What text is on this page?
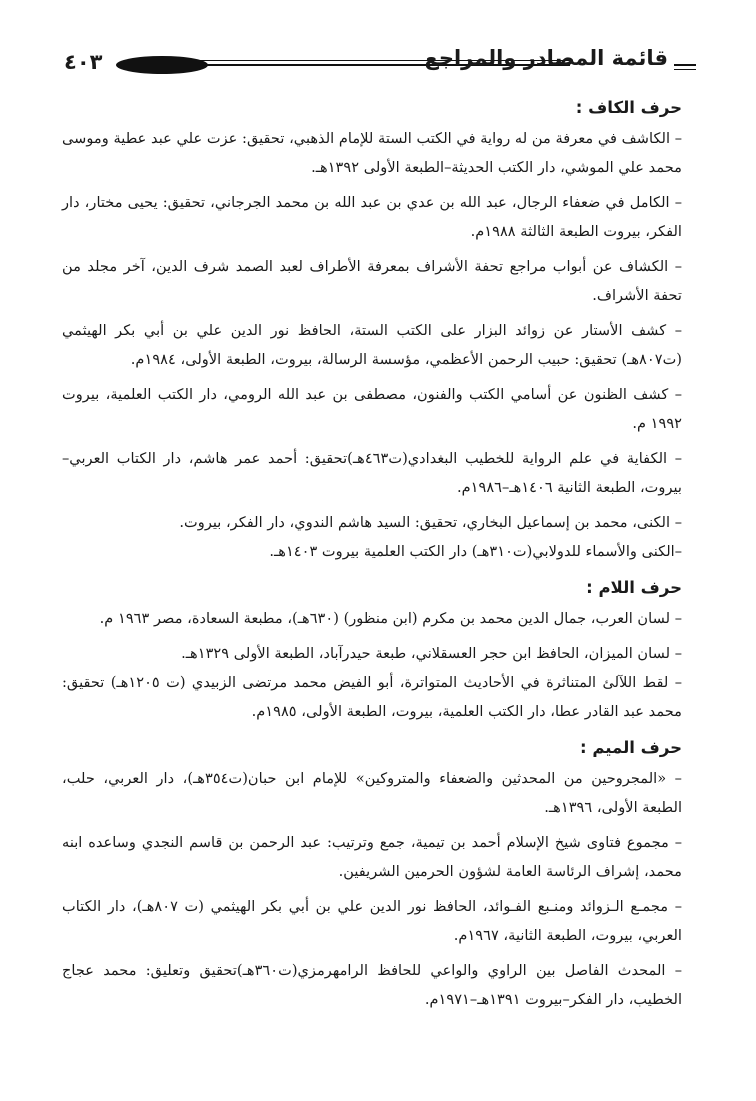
٤٠٣	قائمة المصادر والمراجع
حرف الكاف :

– الكاشف في معرفة من له رواية في الكتب الستة للإمام الذهبي، تحقيق: عزت علي عبد عطية وموسى محمد علي الموشي، دار الكتب الحديثة–الطبعة الأولى ١٣٩٢هـ.

– الكامل في ضعفاء الرجال، عبد الله بن عدي بن عبد الله بن محمد الجرجاني، تحقيق: يحيى مختار، دار الفكر، بيروت الطبعة الثالثة ١٩٨٨م.

– الكشاف عن أبواب مراجع تحفة الأشراف بمعرفة الأطراف لعبد الصمد شرف الدين، آخر مجلد من تحفة الأشراف.

– كشف الأستار عن زوائد البزار على الكتب الستة، الحافظ نور الدين علي بن أبي بكر الهيثمي (ت٨٠٧هـ) تحقيق: حبيب الرحمن الأعظمي، مؤسسة الرسالة، بيروت، الطبعة الأولى، ١٩٨٤م.

– كشف الظنون عن أسامي الكتب والفنون، مصطفى بن عبد الله الرومي، دار الكتب العلمية، بيروت ١٩٩٢ م.

– الكفاية في علم الرواية للخطيب البغدادي(ت٤٦٣هـ)تحقيق: أحمد عمر هاشم، دار الكتاب العربي–بيروت، الطبعة الثانية ١٤٠٦هـ–١٩٨٦م.

– الكنى، محمد بن إسماعيل البخاري، تحقيق: السيد هاشم الندوي، دار الفكر، بيروت.

–الكنى والأسماء للدولابي(ت٣١٠هـ) دار الكتب العلمية بيروت ١٤٠٣هـ.

حرف اللام :

– لسان العرب، جمال الدين محمد بن مكرم (ابن منظور) (٦٣٠هـ)، مطبعة السعادة، مصر ١٩٦٣ م.

– لسان الميزان، الحافظ ابن حجر العسقلاني، طبعة حيدرآباد، الطبعة الأولى ١٣٢٩هـ.

– لقط اللآلئ المتناثرة في الأحاديث المتواترة، أبو الفيض محمد مرتضى الزبيدي (ت ١٢٠٥هـ) تحقيق: محمد عبد القادر عطا، دار الكتب العلمية، بيروت، الطبعة الأولى، ١٩٨٥م.

حرف الميم :

– «المجروحين من المحدثين والضعفاء والمتروكين» للإمام ابن حبان(ت٣٥٤هـ)، دار العربي، حلب، الطبعة الأولى، ١٣٩٦هـ.

– مجموع فتاوى شيخ الإسلام أحمد بن تيمية، جمع وترتيب: عبد الرحمن بن قاسم النجدي وساعده ابنه محمد، إشراف الرئاسة العامة لشؤون الحرمين الشريفين.

– مجمـع الـزوائد ومنـبع الفـوائد، الحافظ نور الدين علي بن أبي بكر الهيثمي (ت ٨٠٧هـ)، دار الكتاب العربي، بيروت، الطبعة الثانية، ١٩٦٧م.

– المحدث الفاصل بين الراوي والواعي للحافظ الرامهرمزي(ت٣٦٠هـ)تحقيق وتعليق: محمد عجاج الخطيب، دار الفكر–بيروت ١٣٩١هـ–١٩٧١م.
